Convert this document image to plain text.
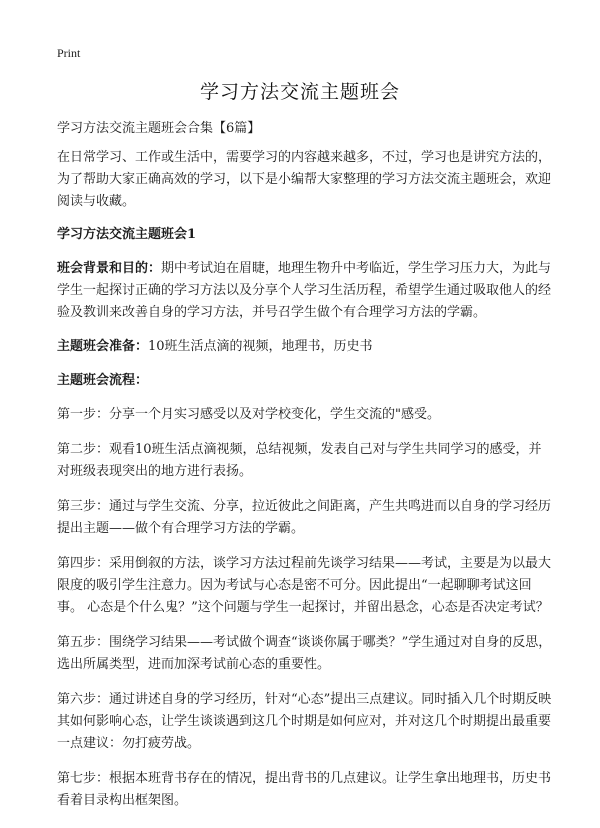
Print
学习方法交流主题班会

学习方法交流主题班会合集【6篇】

在日常学习、工作或生活中，需要学习的内容越来越多，不过，学习也是讲究方法的，为了帮助大家正确高效的学习，以下是小编帮大家整理的学习方法交流主题班会，欢迎阅读与收藏。

学习方法交流主题班会1

班会背景和目的：期中考试迫在眉睫，地理生物升中考临近，学生学习压力大，为此与学生一起探讨正确的学习方法以及分享个人学习生活历程，希望学生通过吸取他人的经验及教训来改善自身的学习方法，并号召学生做个有合理学习方法的学霸。

主题班会准备：10班生活点滴的视频，地理书，历史书

主题班会流程：

第一步：分享一个月实习感受以及对学校变化，学生交流的"感受。

第二步：观看10班生活点滴视频，总结视频，发表自己对与学生共同学习的感受，并对班级表现突出的地方进行表扬。

第三步：通过与学生交流、分享，拉近彼此之间距离，产生共鸣进而以自身的学习经历提出主题——做个有合理学习方法的学霸。

第四步：采用倒叙的方法，谈学习方法过程前先谈学习结果——考试，主要是为以最大限度的吸引学生注意力。因为考试与心态是密不可分。因此提出“一起聊聊考试这回事。 心态是个什么鬼？”这个问题与学生一起探讨，并留出悬念，心态是否决定考试？

第五步：围绕学习结果——考试做个调查“谈谈你属于哪类？”学生通过对自身的反思，选出所属类型，进而加深考试前心态的重要性。

第六步：通过讲述自身的学习经历，针对“心态”提出三点建议。同时插入几个时期反映其如何影响心态，让学生谈谈遇到这几个时期是如何应对，并对这几个时期提出最重要一点建议：勿打疲劳战。

第七步：根据本班背书存在的情况，提出背书的几点建议。让学生拿出地理书，历史书看着目录构出框架图。
